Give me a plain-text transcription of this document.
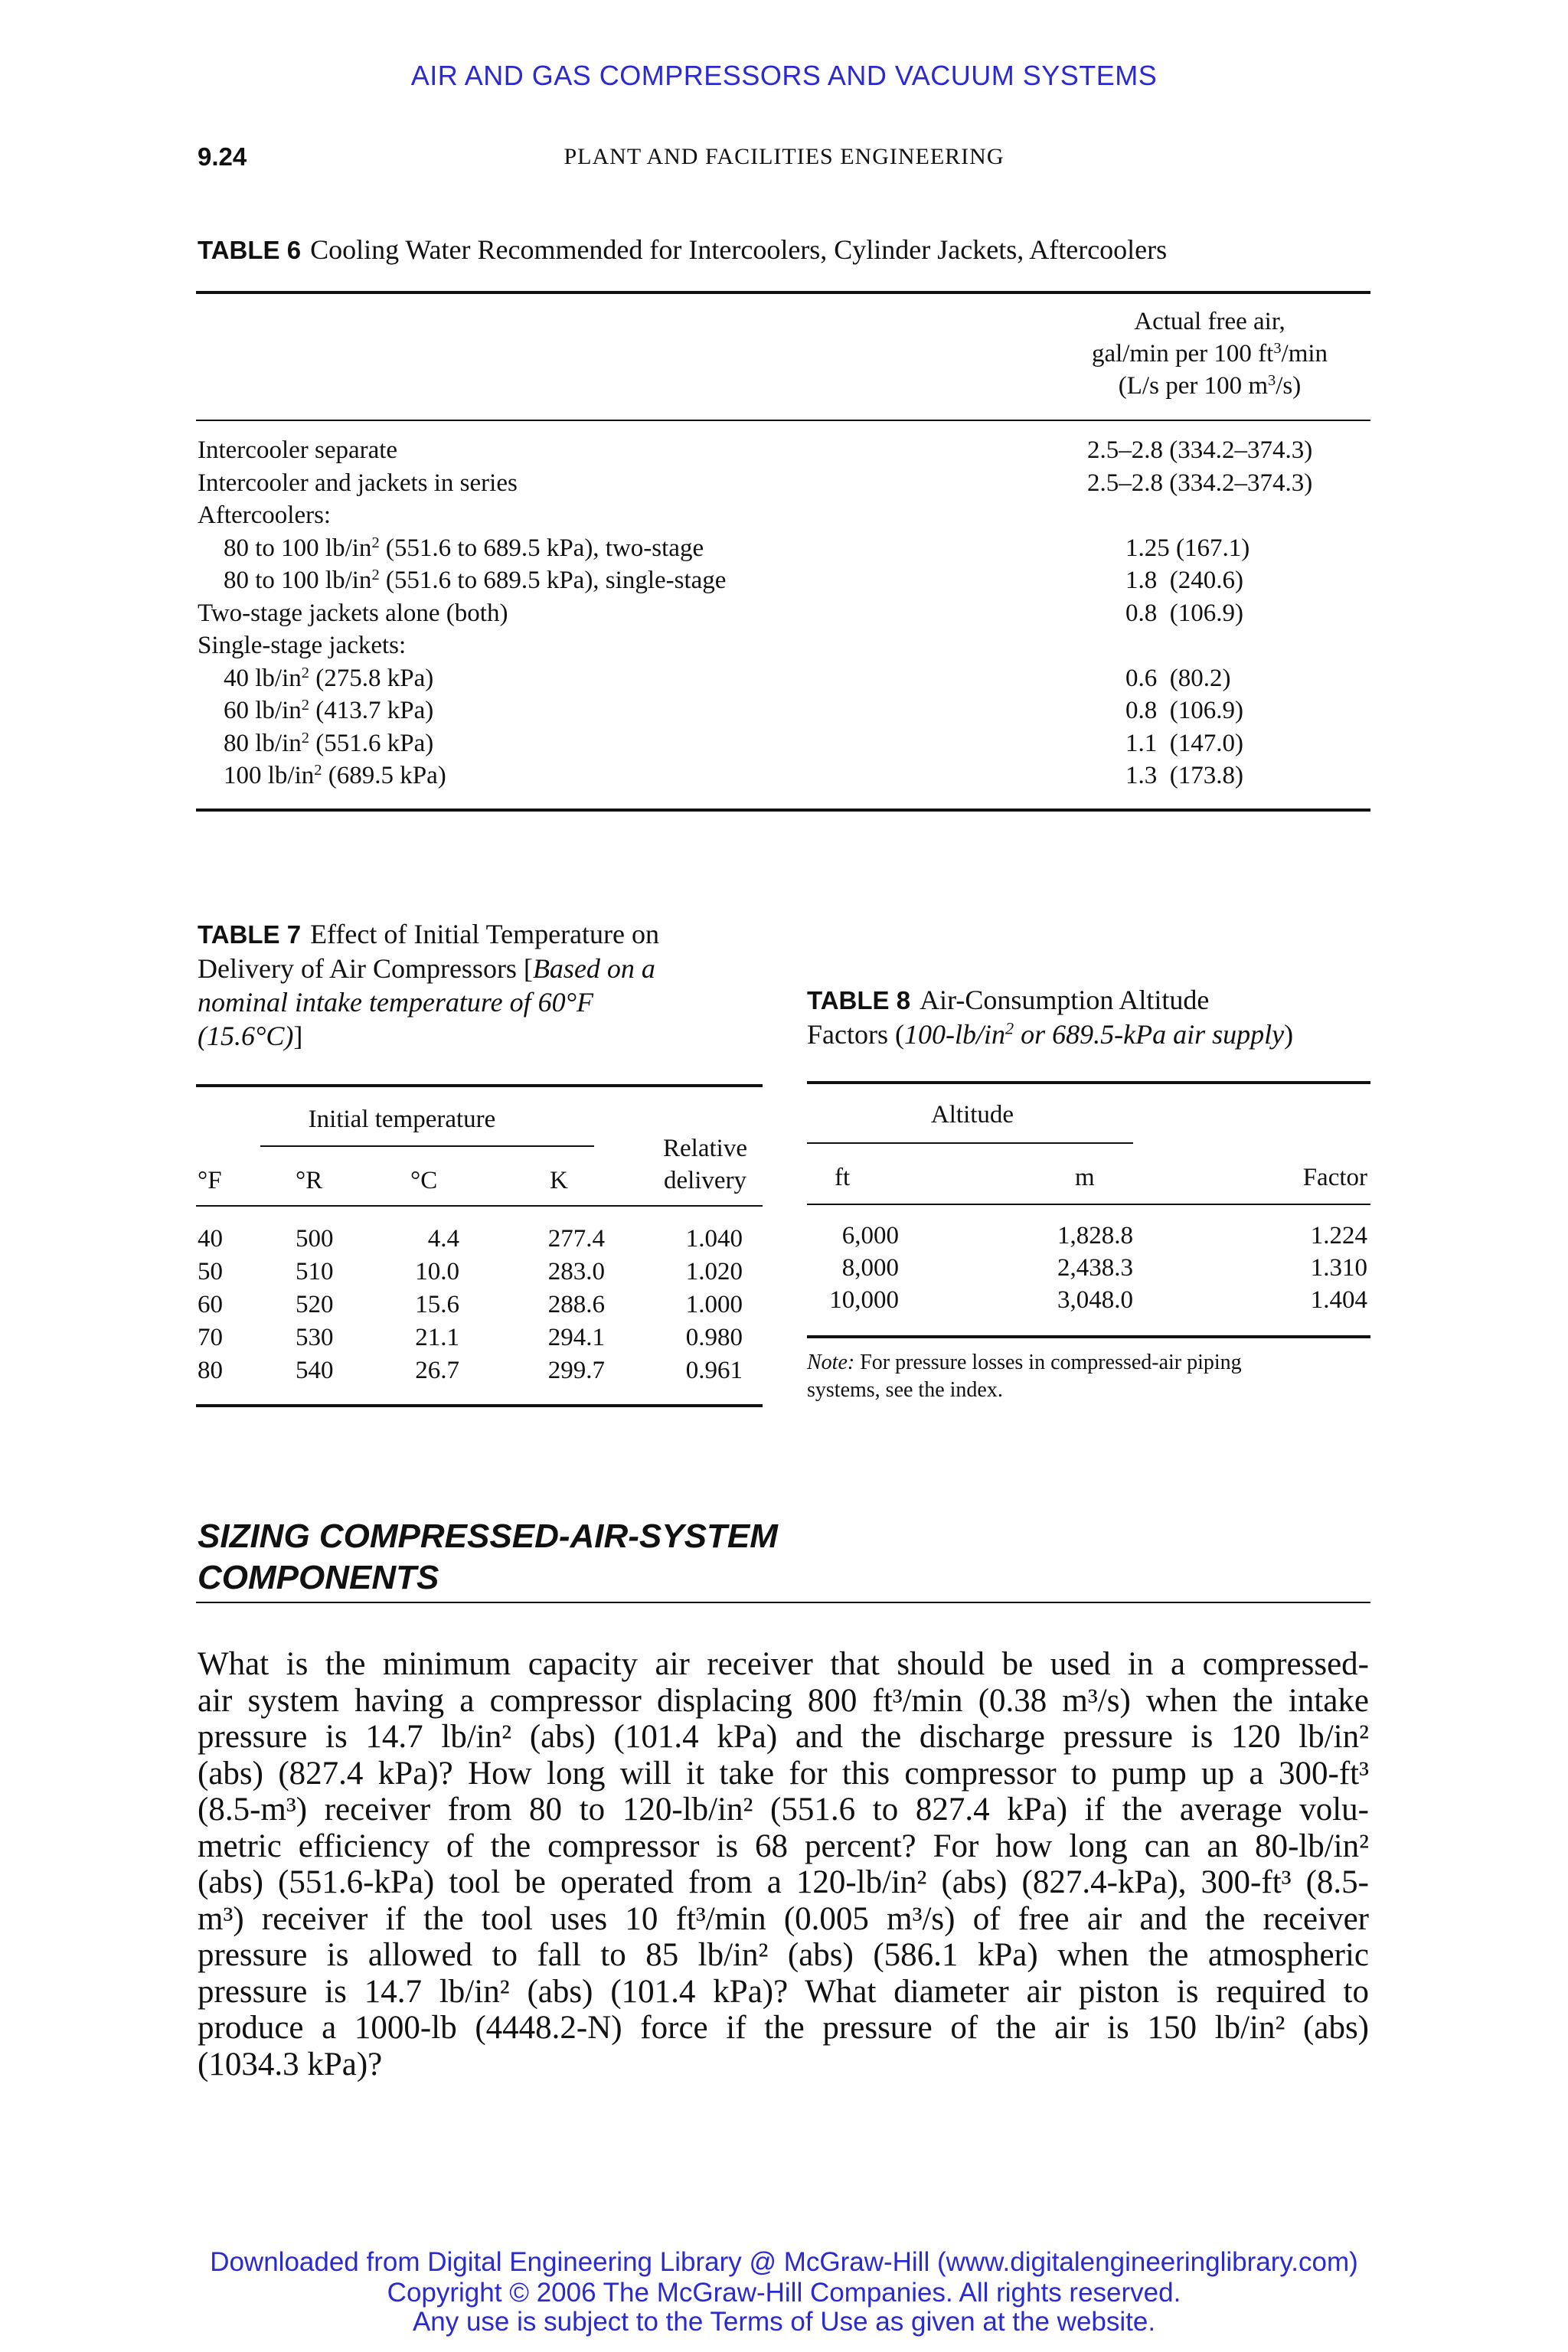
AIR AND GAS COMPRESSORS AND VACUUM SYSTEMS
9.24	PLANT AND FACILITIES ENGINEERING
TABLE 6 Cooling Water Recommended for Intercoolers, Cylinder Jackets, Aftercoolers
Actual free air,
gal/min per 100 $ft^3/\min$
(L/s per 100 $m^3/s$)
Intercooler separate	2.5–2.8 (334.2–374.3)
Intercooler and jackets in series	2.5–2.8 (334.2–374.3)
Aftercoolers:
80 to 100 $lb/in^2$ (551.6 to 689.5 kPa), two-stage	1.25 (167.1)
80 to 100 $lb/in^2$ (551.6 to 689.5 kPa), single-stage	1.8  (240.6)
Two-stage jackets alone (both)	0.8  (106.9)
Single-stage jackets:
40 $lb/in^2$ (275.8 kPa)	0.6  (80.2)
60 $lb/in^2$ (413.7 kPa)	0.8  (106.9)
80 $lb/in^2$ (551.6 kPa)	1.1  (147.0)
100 $lb/in^2$ (689.5 kPa)	1.3  (173.8)
TABLE 7 Effect of Initial Temperature on
Delivery of Air Compressors [Based on a
nominal intake temperature of 60°F
(15.6°C)]
Initial temperature
Relative
delivery
°F	°R	°C	K
40	500	4.4	277.4	1.040
50	510	10.0	283.0	1.020
60	520	15.6	288.6	1.000
70	530	21.1	294.1	0.980
80	540	26.7	299.7	0.961
TABLE 8 Air-Consumption Altitude
Factors ($100-lb/in^2$ or 689.5-kPa air supply)
Altitude
ft	m	Factor
6,000	1,828.8	1.224
8,000	2,438.3	1.310
10,000	3,048.0	1.404
Note: For pressure losses in compressed-air piping
systems, see the index.
SIZING COMPRESSED-AIR-SYSTEM
COMPONENTS
What is the minimum capacity air receiver that should be used in a compressed-
air system having a compressor displacing 800 ft³/min (0.38 m³/s) when the intake
pressure is 14.7 lb/in² (abs) (101.4 kPa) and the discharge pressure is 120 lb/in²
(abs) (827.4 kPa)? How long will it take for this compressor to pump up a 300-ft³
(8.5-m³) receiver from 80 to 120-lb/in² (551.6 to 827.4 kPa) if the average volu-
metric efficiency of the compressor is 68 percent? For how long can an 80-lb/in²
(abs) (551.6-kPa) tool be operated from a 120-lb/in² (abs) (827.4-kPa), 300-ft³ (8.5-
m³) receiver if the tool uses 10 ft³/min (0.005 m³/s) of free air and the receiver
pressure is allowed to fall to 85 lb/in² (abs) (586.1 kPa) when the atmospheric
pressure is 14.7 lb/in² (abs) (101.4 kPa)? What diameter air piston is required to
produce a 1000-lb (4448.2-N) force if the pressure of the air is 150 lb/in² (abs)
(1034.3 kPa)?
Downloaded from Digital Engineering Library @ McGraw-Hill (www.digitalengineeringlibrary.com)
Copyright © 2006 The McGraw-Hill Companies. All rights reserved.
Any use is subject to the Terms of Use as given at the website.
